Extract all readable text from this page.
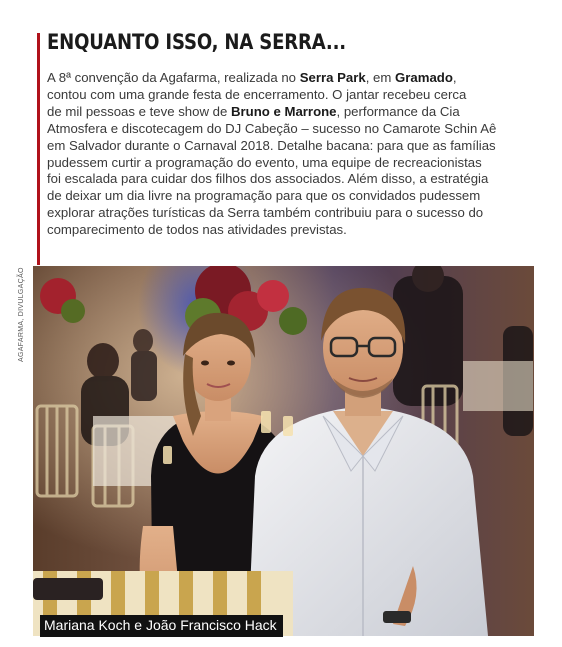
ENQUANTO ISSO, NA SERRA...

A 8ª convenção da Agafarma, realizada no Serra Park, em Gramado,
contou com uma grande festa de encerramento. O jantar recebeu cerca
de mil pessoas e teve show de Bruno e Marrone, performance da Cia
Atmosfera e discotecagem do DJ Cabeção – sucesso no Camarote Schin Aê
em Salvador durante o Carnaval 2018. Detalhe bacana: para que as famílias
pudessem curtir a programação do evento, uma equipe de recreacionistas
foi escalada para cuidar dos filhos dos associados. Além disso, a estratégia
de deixar um dia livre na programação para que os convidados pudessem
explorar atrações turísticas da Serra também contribuiu para o sucesso do
comparecimento de todos nas atividades previstas.

AGAFARMA, DIVULGAÇÃO
Mariana Koch e João Francisco Hack
